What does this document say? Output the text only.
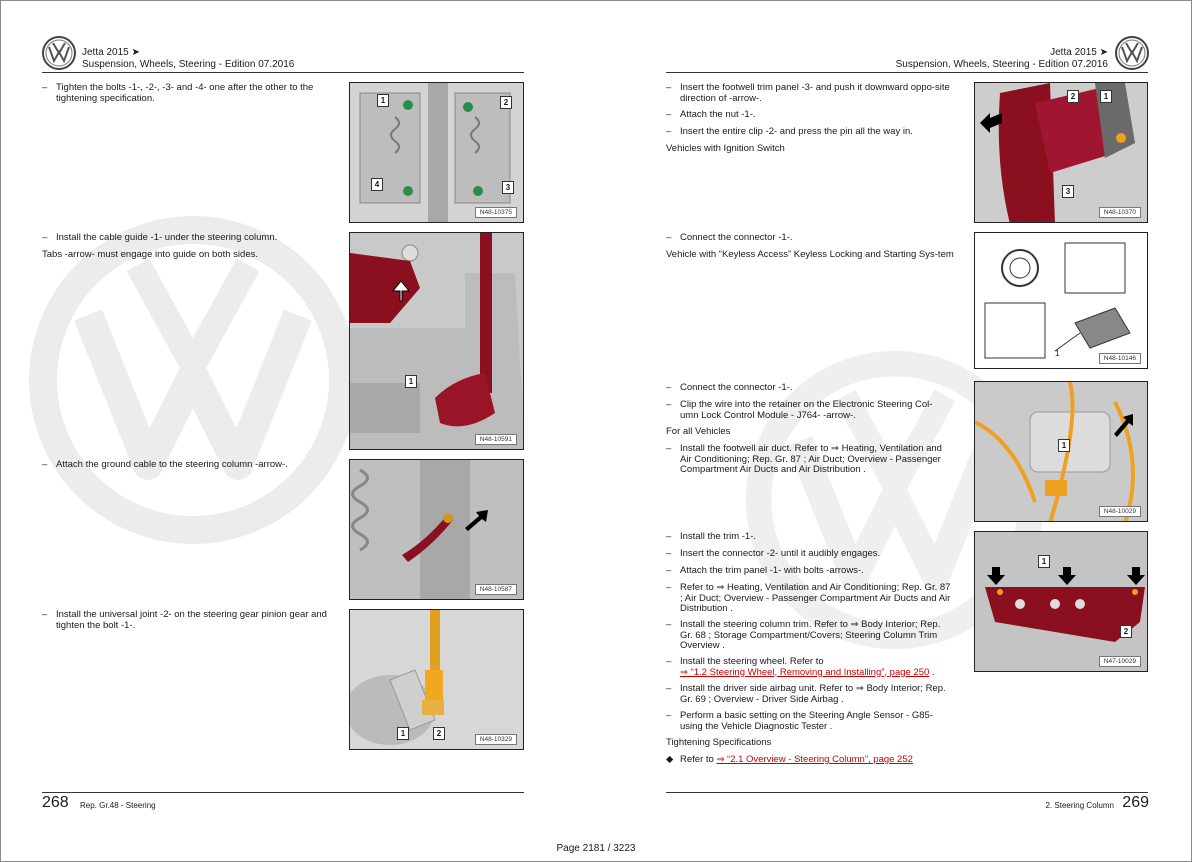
Jetta 2015 ➤
Suspension, Wheels, Steering - Edition 07.2016
Jetta 2015 ➤
Suspension, Wheels, Steering - Edition 07.2016
– Tighten the bolts -1-, -2-, -3- and -4- one after the other to the tightening specification.
– Install the cable guide -1- under the steering column.
Tabs -arrow- must engage into guide on both sides.
– Attach the ground cable to the steering column -arrow-.
– Install the universal joint -2- on the steering gear pinion gear and tighten the bolt -1-.
1	2
4	3
N48-10375
1
N48-10591
N48-10587
1	2
N48-10329
– Insert the footwell trim panel -3- and push it downward oppo-site direction of -arrow-.
– Attach the nut -1-.
– Insert the entire clip -2- and press the pin all the way in.
Vehicles with Ignition Switch
– Connect the connector -1-.
Vehicle with “Keyless Access” Keyless Locking and Starting Sys-tem
– Connect the connector -1-.
– Clip the wire into the retainer on the Electronic Steering Col-umn Lock Control Module - J764- -arrow-.
For all Vehicles
– Install the footwell air duct. Refer to ⇒ Heating, Ventilation and Air Conditioning; Rep. Gr. 87 ; Air Duct; Overview - Passenger Compartment Air Ducts and Air Distribution .
– Install the trim -1-.
– Insert the connector -2- until it audibly engages.
– Attach the trim panel -1- with bolts -arrows-.
– Refer to ⇒ Heating, Ventilation and Air Conditioning; Rep. Gr. 87 ; Air Duct; Overview - Passenger Compartment Air Ducts and Air Distribution .
– Install the steering column trim. Refer to ⇒ Body Interior; Rep. Gr. 68 ; Storage Compartment/Covers; Steering Column Trim Overview .
– Install the steering wheel. Refer to
⇒ “1.2 Steering Wheel, Removing and Installing”, page 250 .
– Install the driver side airbag unit. Refer to ⇒ Body Interior; Rep. Gr. 69 ; Overview - Driver Side Airbag .
– Perform a basic setting on the Steering Angle Sensor - G85- using the Vehicle Diagnostic Tester .
Tightening Specifications
◆ Refer to ⇒ “2.1 Overview - Steering Column”, page 252
2	1
3
N48-10370
1
N48-10146
1
N48-10029
1
2
N47-10029
268 Rep. Gr.48 - Steering	2. Steering Column 269
Page 2181 / 3223
